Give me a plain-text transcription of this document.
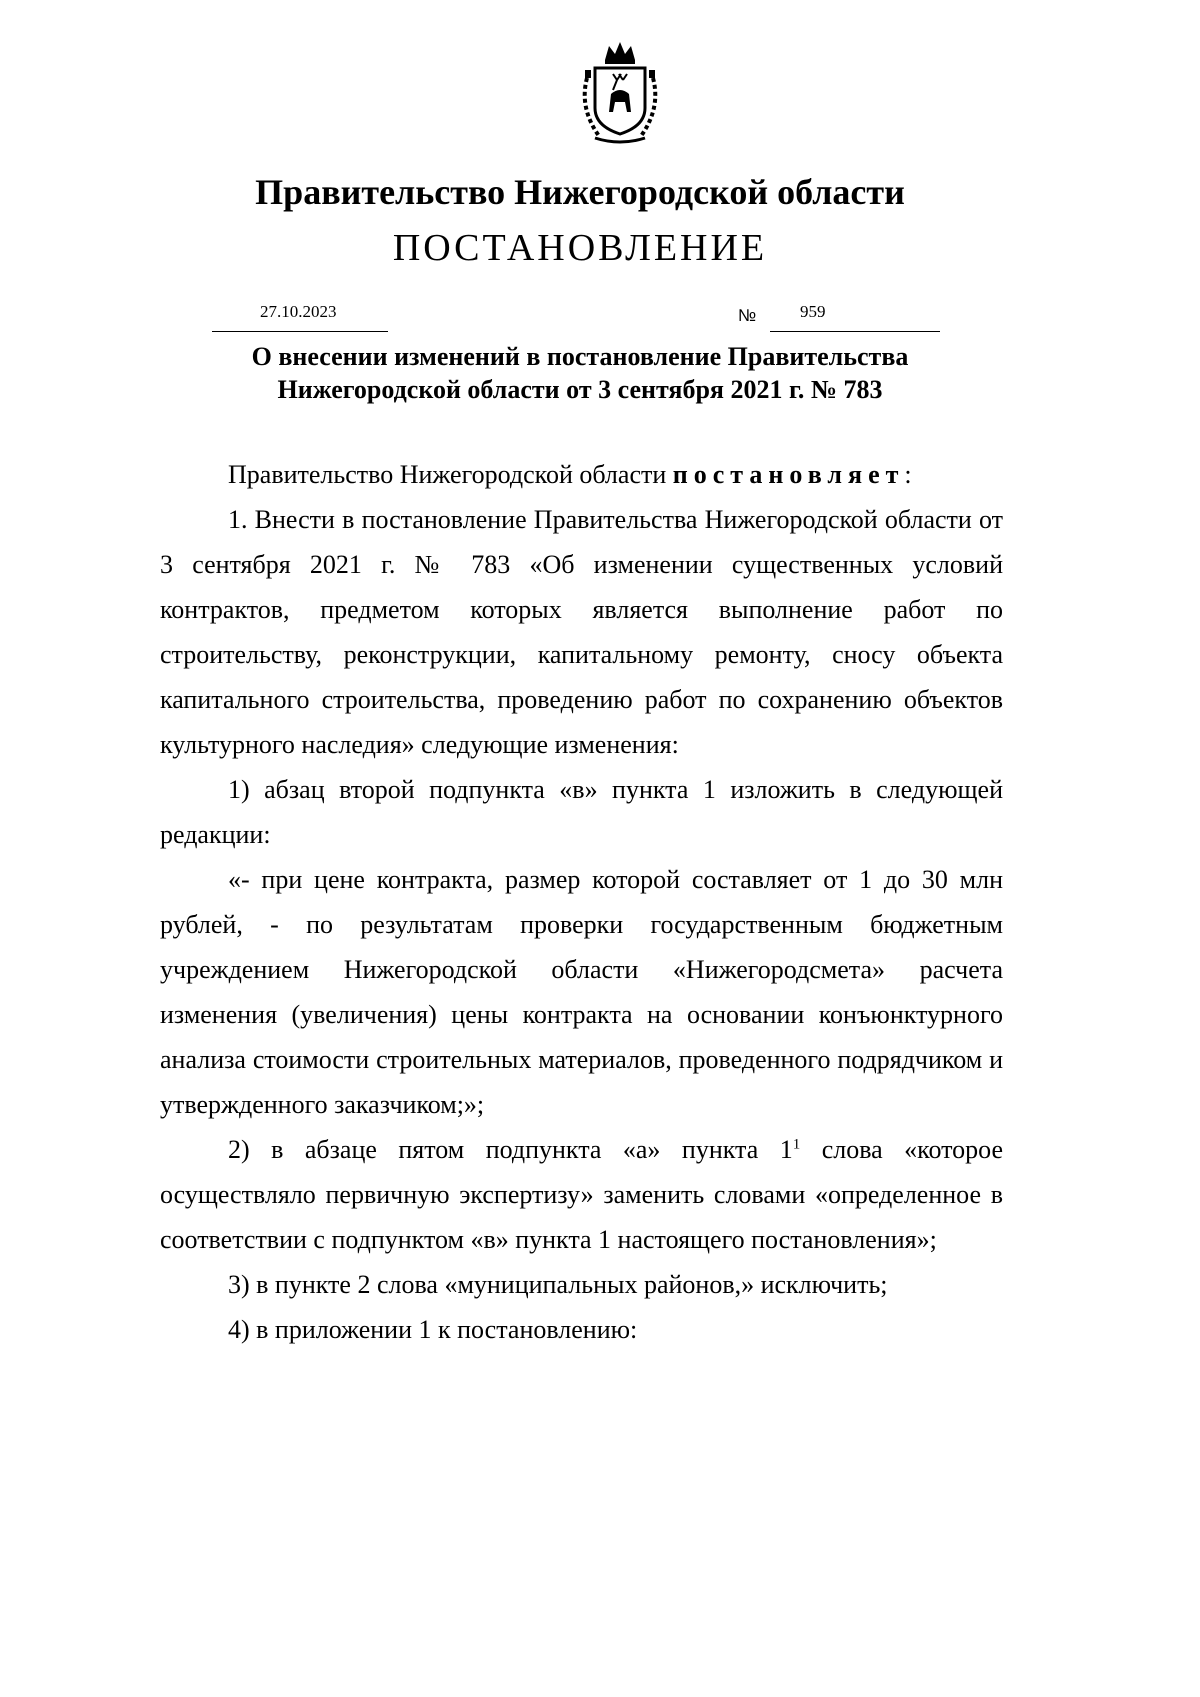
Правительство Нижегородской области
ПОСТАНОВЛЕНИЕ
27.10.2023	№	959
О внесении изменений в постановление Правительства
Нижегородской области от 3 сентября 2021 г. № 783

Правительство Нижегородской области постановляет:

1. Внести в постановление Правительства Нижегородской области от 3 сентября 2021 г. № 783 «Об изменении существенных условий контрактов, предметом которых является выполнение работ по строительству, реконструкции, капитальному ремонту, сносу объекта капитального строительства, проведению работ по сохранению объектов культурного наследия» следующие изменения:

1) абзац второй подпункта «в» пункта 1 изложить в следующей редакции:

«- при цене контракта, размер которой составляет от 1 до 30 млн рублей, - по результатам проверки государственным бюджетным учреждением Нижегородской области «Нижегородсмета» расчета изменения (увеличения) цены контракта на основании конъюнктурного анализа стоимости строительных материалов, проведенного подрядчиком и утвержденного заказчиком;»;

2) в абзаце пятом подпункта «а» пункта $1^1$ слова «которое осуществляло первичную экспертизу» заменить словами «определенное в соответствии с подпунктом «в» пункта 1 настоящего постановления»;

3) в пункте 2 слова «муниципальных районов,» исключить;

4) в приложении 1 к постановлению:
